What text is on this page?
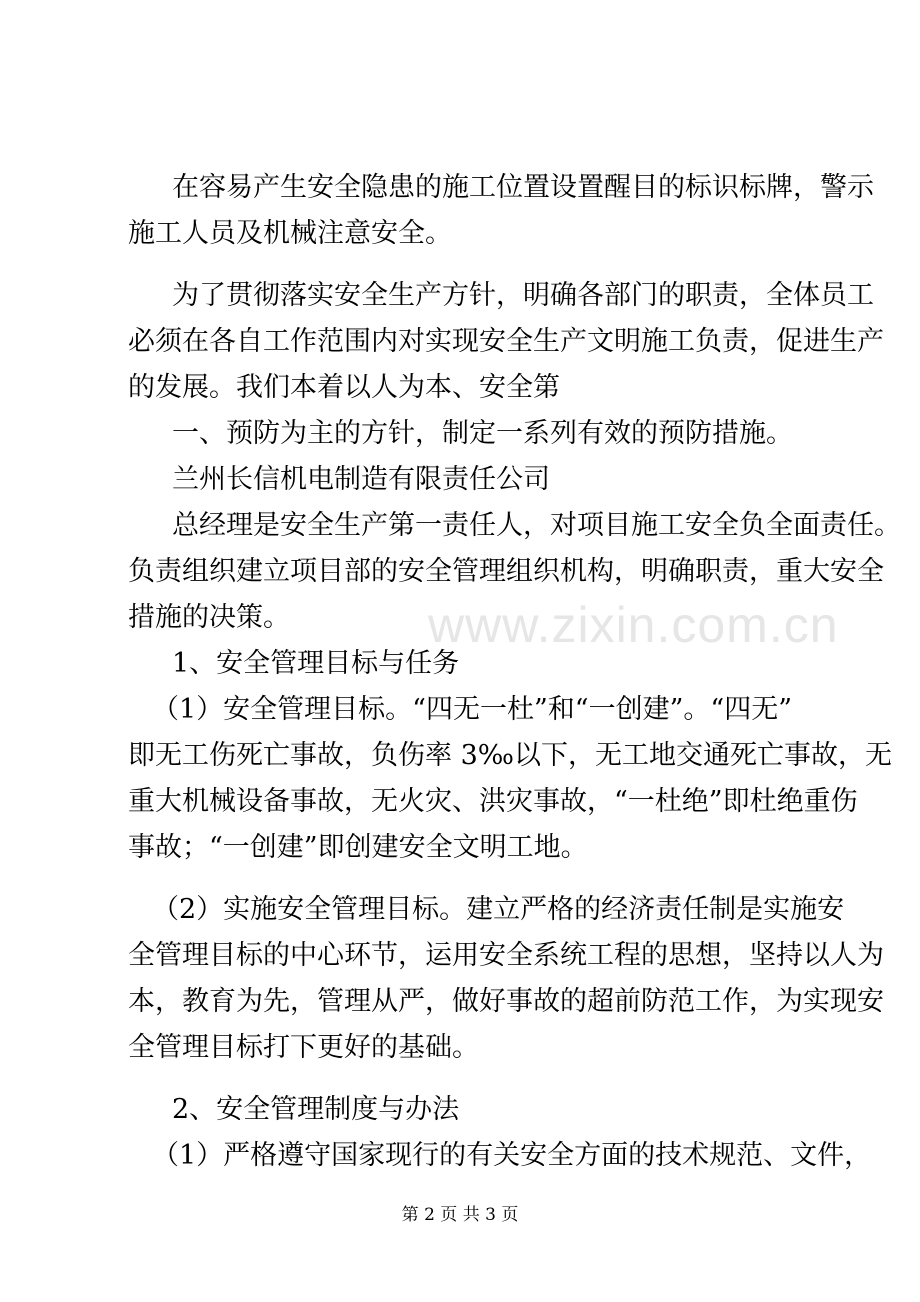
www.zixin.com.cn
在容易产生安全隐患的施工位置设置醒目的标识标牌，警示
施工人员及机械注意安全。
为了贯彻落实安全生产方针，明确各部门的职责，全体员工
必须在各自工作范围内对实现安全生产文明施工负责，促进生产
的发展。我们本着以人为本、安全第
一、预防为主的方针，制定一系列有效的预防措施。
兰州长信机电制造有限责任公司
总经理是安全生产第一责任人，对项目施工安全负全面责任。
负责组织建立项目部的安全管理组织机构，明确职责，重大安全
措施的决策。
1、安全管理目标与任务
（1）安全管理目标。“四无一杜”和“一创建”。“四无”
即无工伤死亡事故，负伤率 3‰以下，无工地交通死亡事故，无
重大机械设备事故，无火灾、洪灾事故，“一杜绝”即杜绝重伤
事故；“一创建”即创建安全文明工地。
（2）实施安全管理目标。建立严格的经济责任制是实施安
全管理目标的中心环节，运用安全系统工程的思想，坚持以人为
本，教育为先，管理从严，做好事故的超前防范工作，为实现安
全管理目标打下更好的基础。
2、安全管理制度与办法
（1）严格遵守国家现行的有关安全方面的技术规范、文件，
第 2 页 共 3 页
